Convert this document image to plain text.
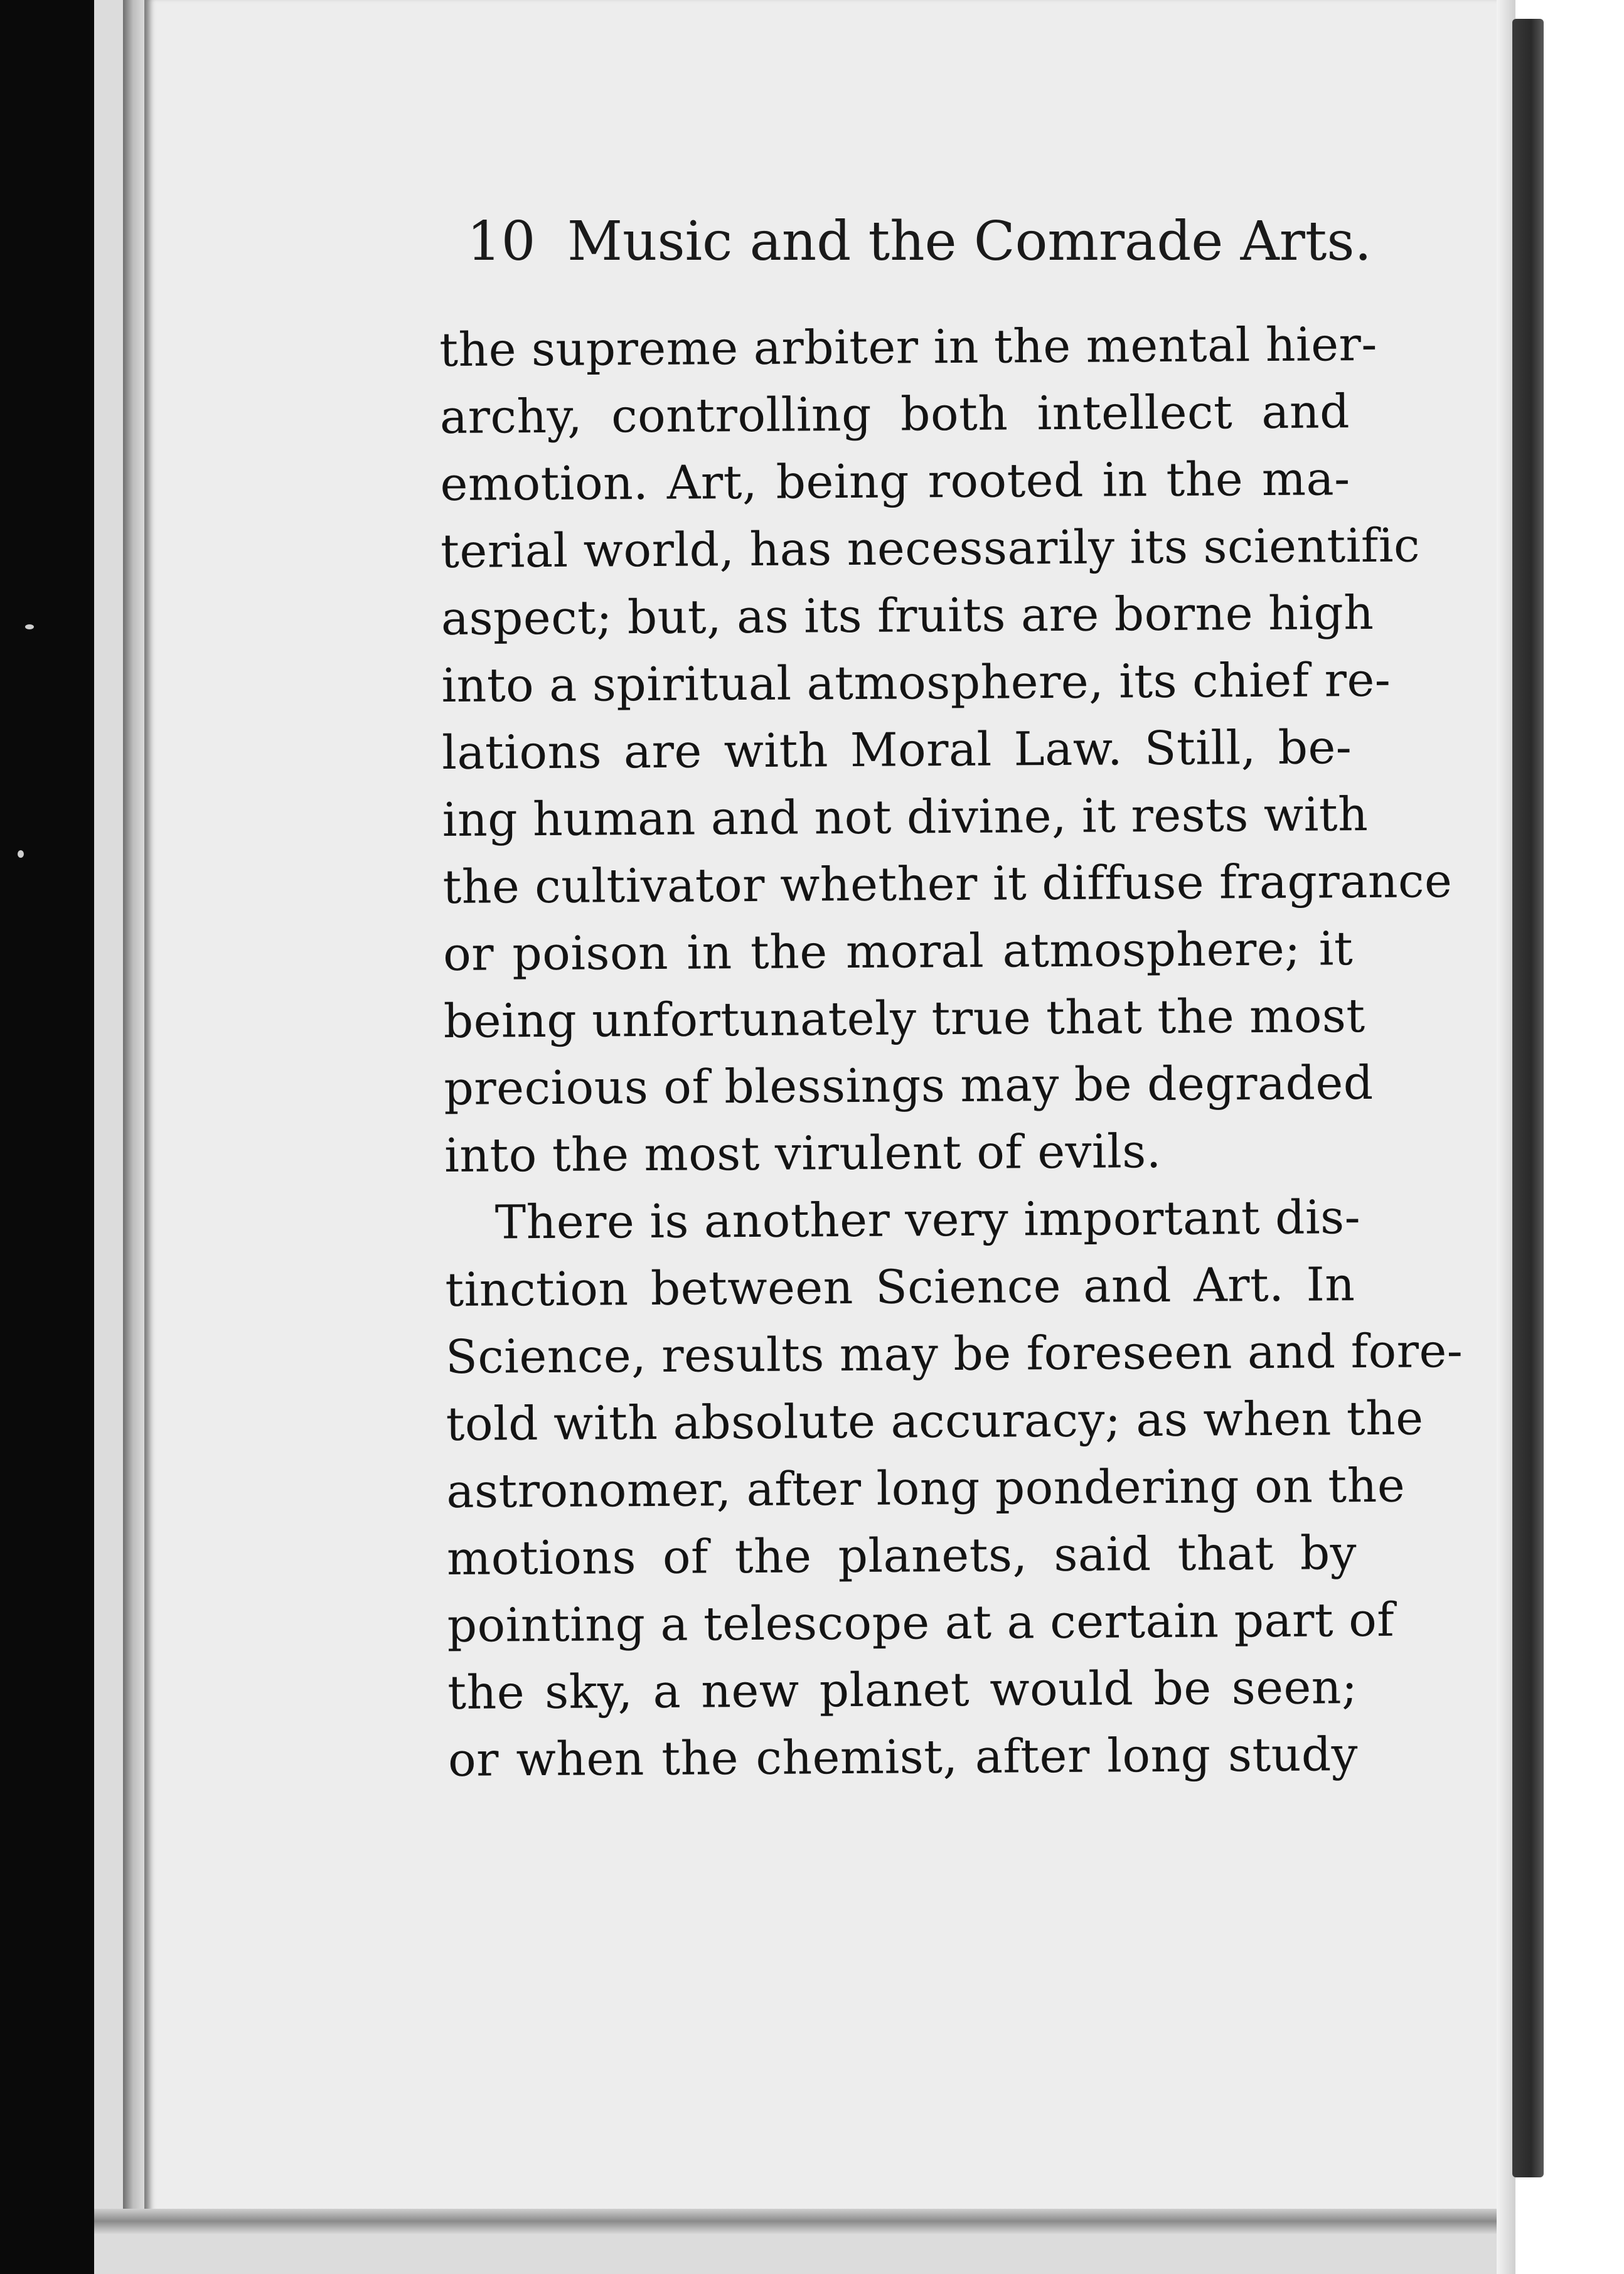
10 Music and the Comrade Arts.
the supreme arbiter in the mental hier-
archy, controlling both intellect and
emotion. Art, being rooted in the ma-
terial world, has necessarily its scientific
aspect; but, as its fruits are borne high
into a spiritual atmosphere, its chief re-
lations are with Moral Law. Still, be-
ing human and not divine, it rests with
the cultivator whether it diffuse fragrance
or poison in the moral atmosphere; it
being unfortunately true that the most
precious of blessings may be degraded
into the most virulent of evils.
There is another very important dis-
tinction between Science and Art. In
Science, results may be foreseen and fore-
told with absolute accuracy; as when the
astronomer, after long pondering on the
motions of the planets, said that by
pointing a telescope at a certain part of
the sky, a new planet would be seen;
or when the chemist, after long study
